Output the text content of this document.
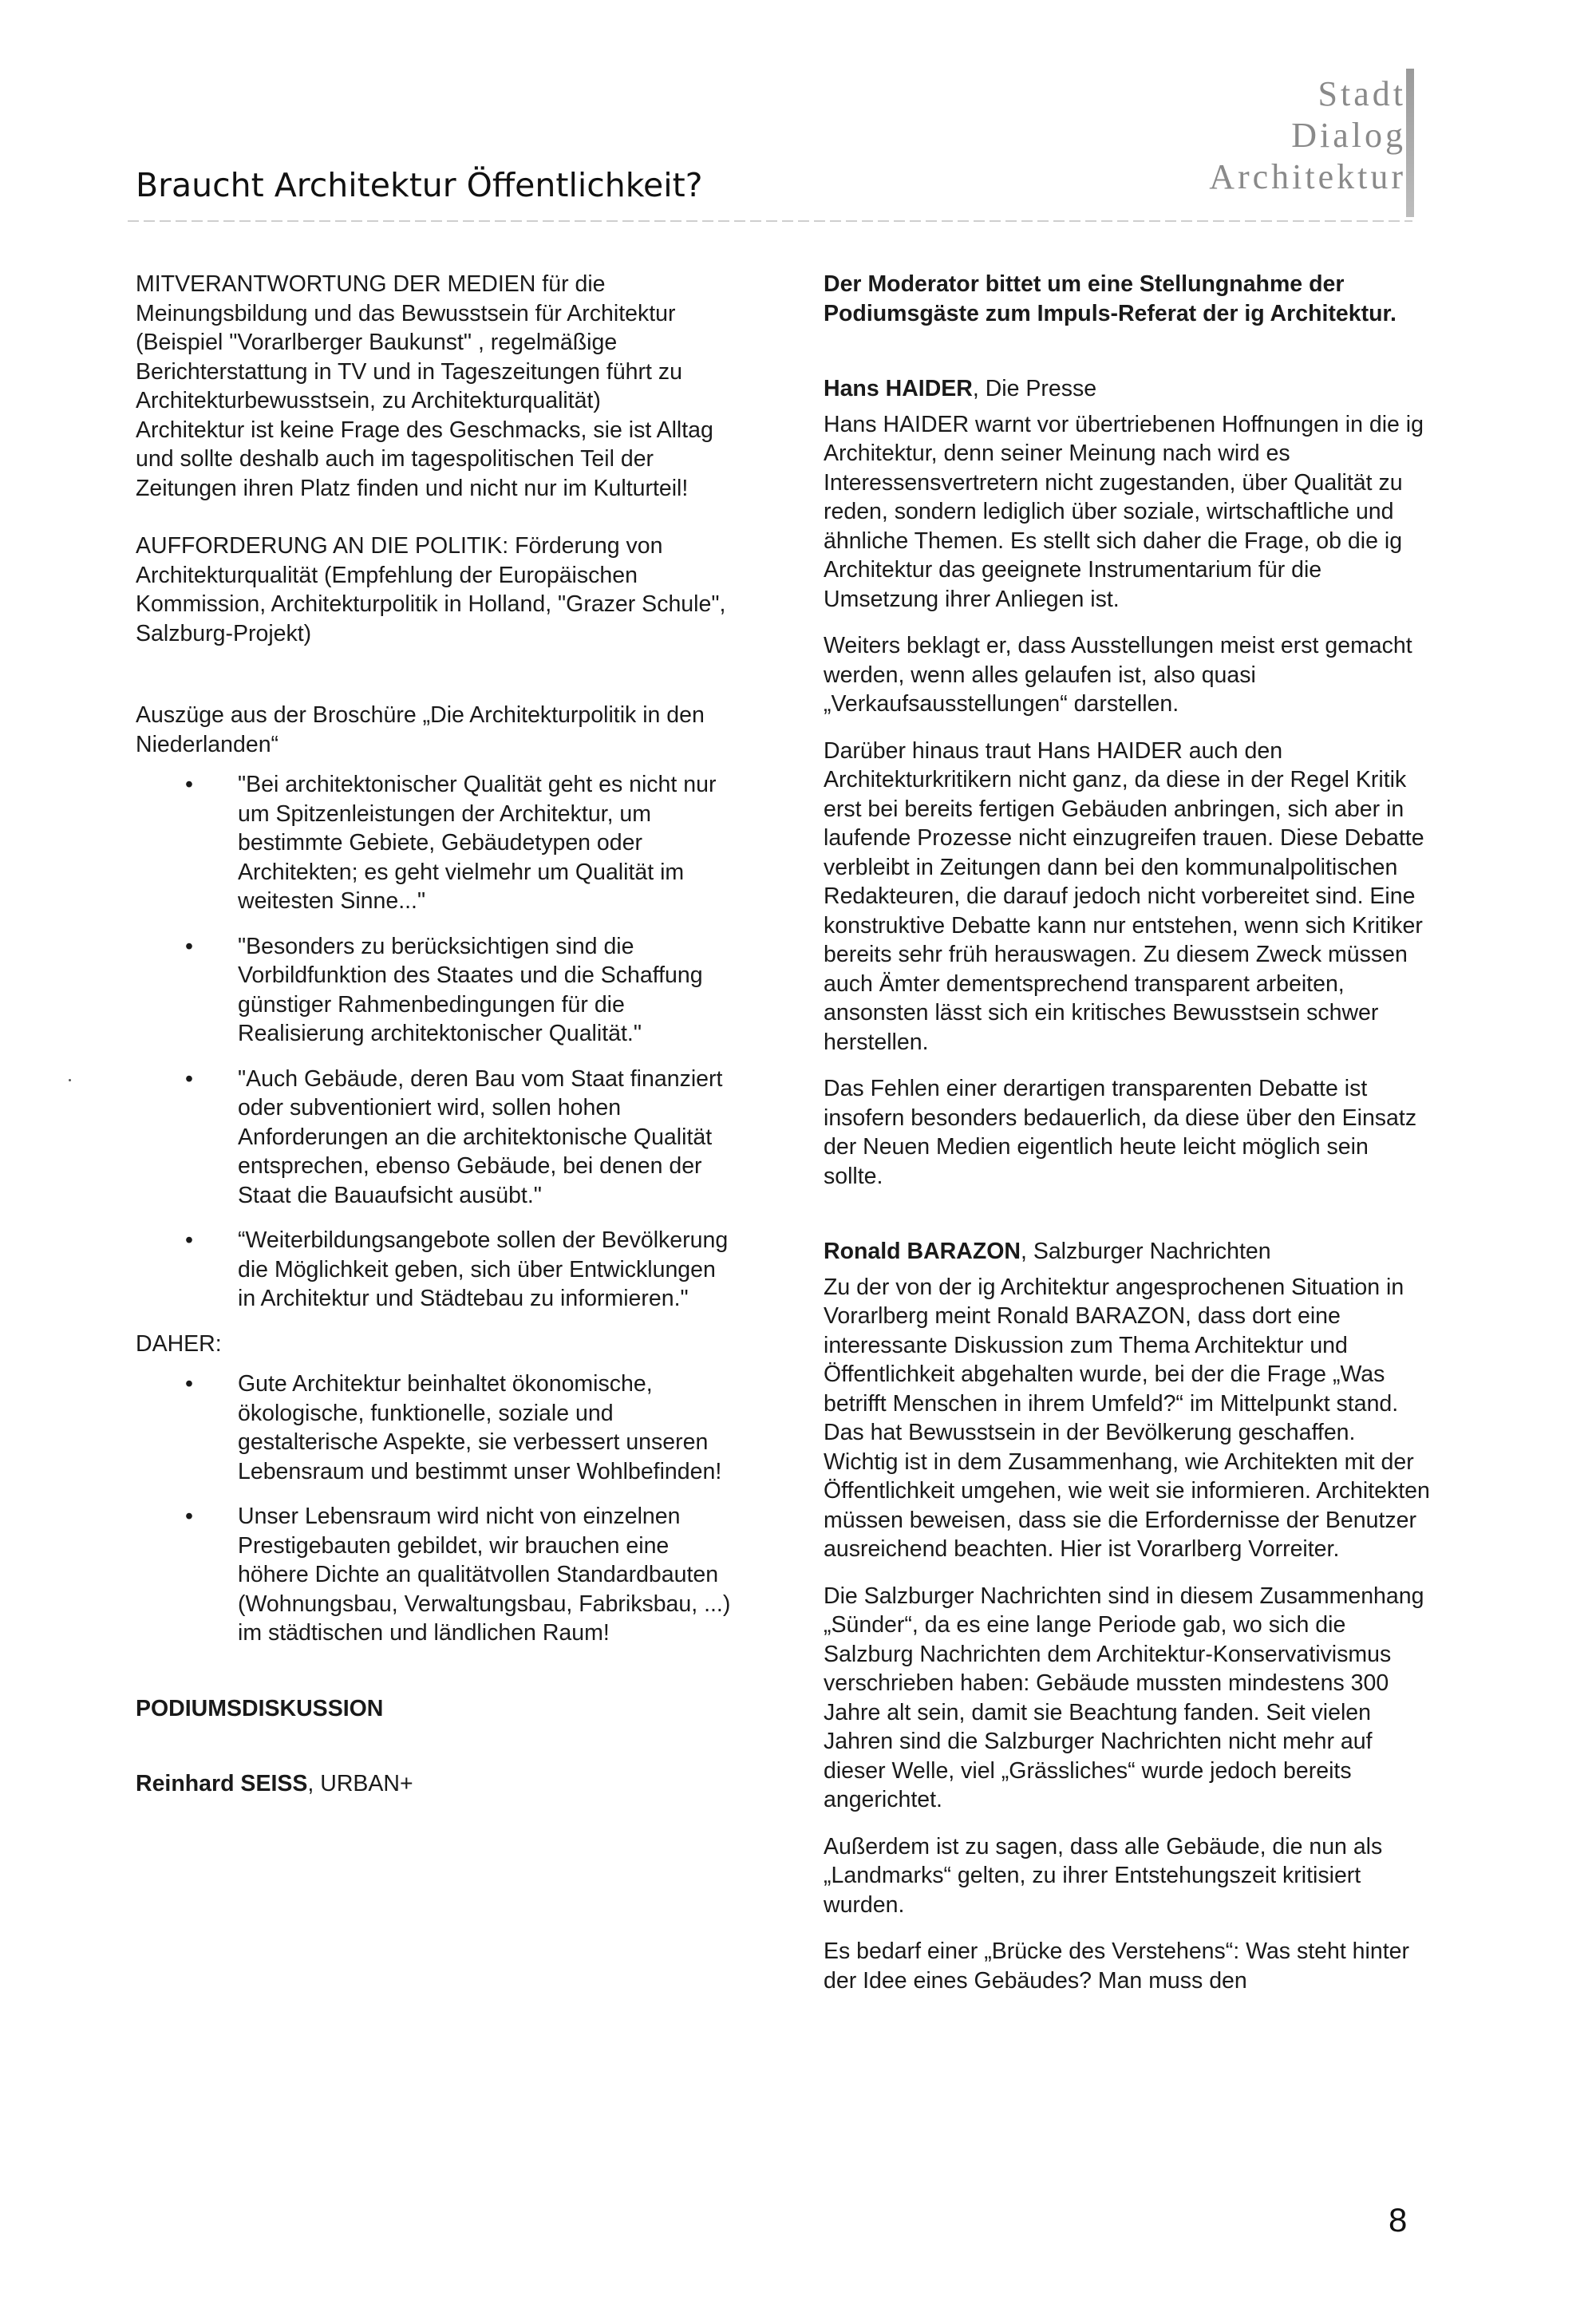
Braucht Architektur Öffentlichkeit?
Stadt
Dialog
Architektur

MITVERANTWORTUNG DER MEDIEN für die Meinungsbildung und das Bewusstsein für Architektur (Beispiel "Vorarlberger Baukunst" , regelmäßige Berichterstattung in TV und in Tageszeitungen führt zu Architekturbewusstsein, zu Architekturqualität)

Architektur ist keine Frage des Geschmacks, sie ist Alltag und sollte deshalb auch im tagespolitischen Teil der Zeitungen ihren Platz finden und nicht nur im Kulturteil!

AUFFORDERUNG AN DIE POLITIK: Förderung von Architekturqualität (Empfehlung der Europäischen Kommission, Architekturpolitik in Holland, "Grazer Schule", Salzburg-Projekt)

Auszüge aus der Broschüre „Die Architekturpolitik in den Niederlanden“

• "Bei architektonischer Qualität geht es nicht nur um Spitzenleistungen der Architektur, um bestimmte Gebiete, Gebäudetypen oder Architekten; es geht vielmehr um Qualität im weitesten Sinne..."
• "Besonders zu berücksichtigen sind die Vorbildfunktion des Staates und die Schaffung günstiger Rahmenbedingungen für die Realisierung architektonischer Qualität."
• "Auch Gebäude, deren Bau vom Staat finanziert oder subventioniert wird, sollen hohen Anforderungen an die architektonische Qualität entsprechen, ebenso Gebäude, bei denen der Staat die Bauaufsicht ausübt."
• “Weiterbildungsangebote sollen der Bevölkerung die Möglichkeit geben, sich über Entwicklungen in Architektur und Städtebau zu informieren."

DAHER:

• Gute Architektur beinhaltet ökonomische, ökologische, funktionelle, soziale und gestalterische Aspekte, sie verbessert unseren Lebensraum und bestimmt unser Wohlbefinden!
• Unser Lebensraum wird nicht von einzelnen Prestigebauten gebildet, wir brauchen eine höhere Dichte an qualitätvollen Standardbauten (Wohnungsbau, Verwaltungsbau, Fabriksbau, ...) im städtischen und ländlichen Raum!

PODIUMSDISKUSSION

Reinhard SEISS, URBAN+

Der Moderator bittet um eine Stellungnahme der Podiumsgäste zum Impuls-Referat der ig Architektur.

Hans HAIDER, Die Presse

Hans HAIDER warnt vor übertriebenen Hoffnungen in die ig Architektur, denn seiner Meinung nach wird es Interessensvertretern nicht zugestanden, über Qualität zu reden, sondern lediglich über soziale, wirtschaftliche und ähnliche Themen. Es stellt sich daher die Frage, ob die ig Architektur das geeignete Instrumentarium für die Umsetzung ihrer Anliegen ist.

Weiters beklagt er, dass Ausstellungen meist erst gemacht werden, wenn alles gelaufen ist, also quasi „Verkaufsausstellungen“ darstellen.

Darüber hinaus traut Hans HAIDER auch den Architekturkritikern nicht ganz, da diese in der Regel Kritik erst bei bereits fertigen Gebäuden anbringen, sich aber in laufende Prozesse nicht einzugreifen trauen. Diese Debatte verbleibt in Zeitungen dann bei den kommunalpolitischen Redakteuren, die darauf jedoch nicht vorbereitet sind. Eine konstruktive Debatte kann nur entstehen, wenn sich Kritiker bereits sehr früh herauswagen. Zu diesem Zweck müssen auch Ämter dementsprechend transparent arbeiten, ansonsten lässt sich ein kritisches Bewusstsein schwer herstellen.

Das Fehlen einer derartigen transparenten Debatte ist insofern besonders bedauerlich, da diese über den Einsatz der Neuen Medien eigentlich heute leicht möglich sein sollte.

Ronald BARAZON, Salzburger Nachrichten

Zu der von der ig Architektur angesprochenen Situation in Vorarlberg meint Ronald BARAZON, dass dort eine interessante Diskussion zum Thema Architektur und Öffentlichkeit abgehalten wurde, bei der die Frage „Was betrifft Menschen in ihrem Umfeld?“ im Mittelpunkt stand. Das hat Bewusstsein in der Bevölkerung geschaffen. Wichtig ist in dem Zusammenhang, wie Architekten mit der Öffentlichkeit umgehen, wie weit sie informieren. Architekten müssen beweisen, dass sie die Erfordernisse der Benutzer ausreichend beachten. Hier ist Vorarlberg Vorreiter.

Die Salzburger Nachrichten sind in diesem Zusammenhang „Sünder“, da es eine lange Periode gab, wo sich die Salzburg Nachrichten dem Architektur-Konservativismus verschrieben haben: Gebäude mussten mindestens 300 Jahre alt sein, damit sie Beachtung fanden. Seit vielen Jahren sind die Salzburger Nachrichten nicht mehr auf dieser Welle, viel „Grässliches“ wurde jedoch bereits angerichtet.

Außerdem ist zu sagen, dass alle Gebäude, die nun als „Landmarks“ gelten, zu ihrer Entstehungszeit kritisiert wurden.

Es bedarf einer „Brücke des Verstehens“: Was steht hinter der Idee eines Gebäudes? Man muss den

8
